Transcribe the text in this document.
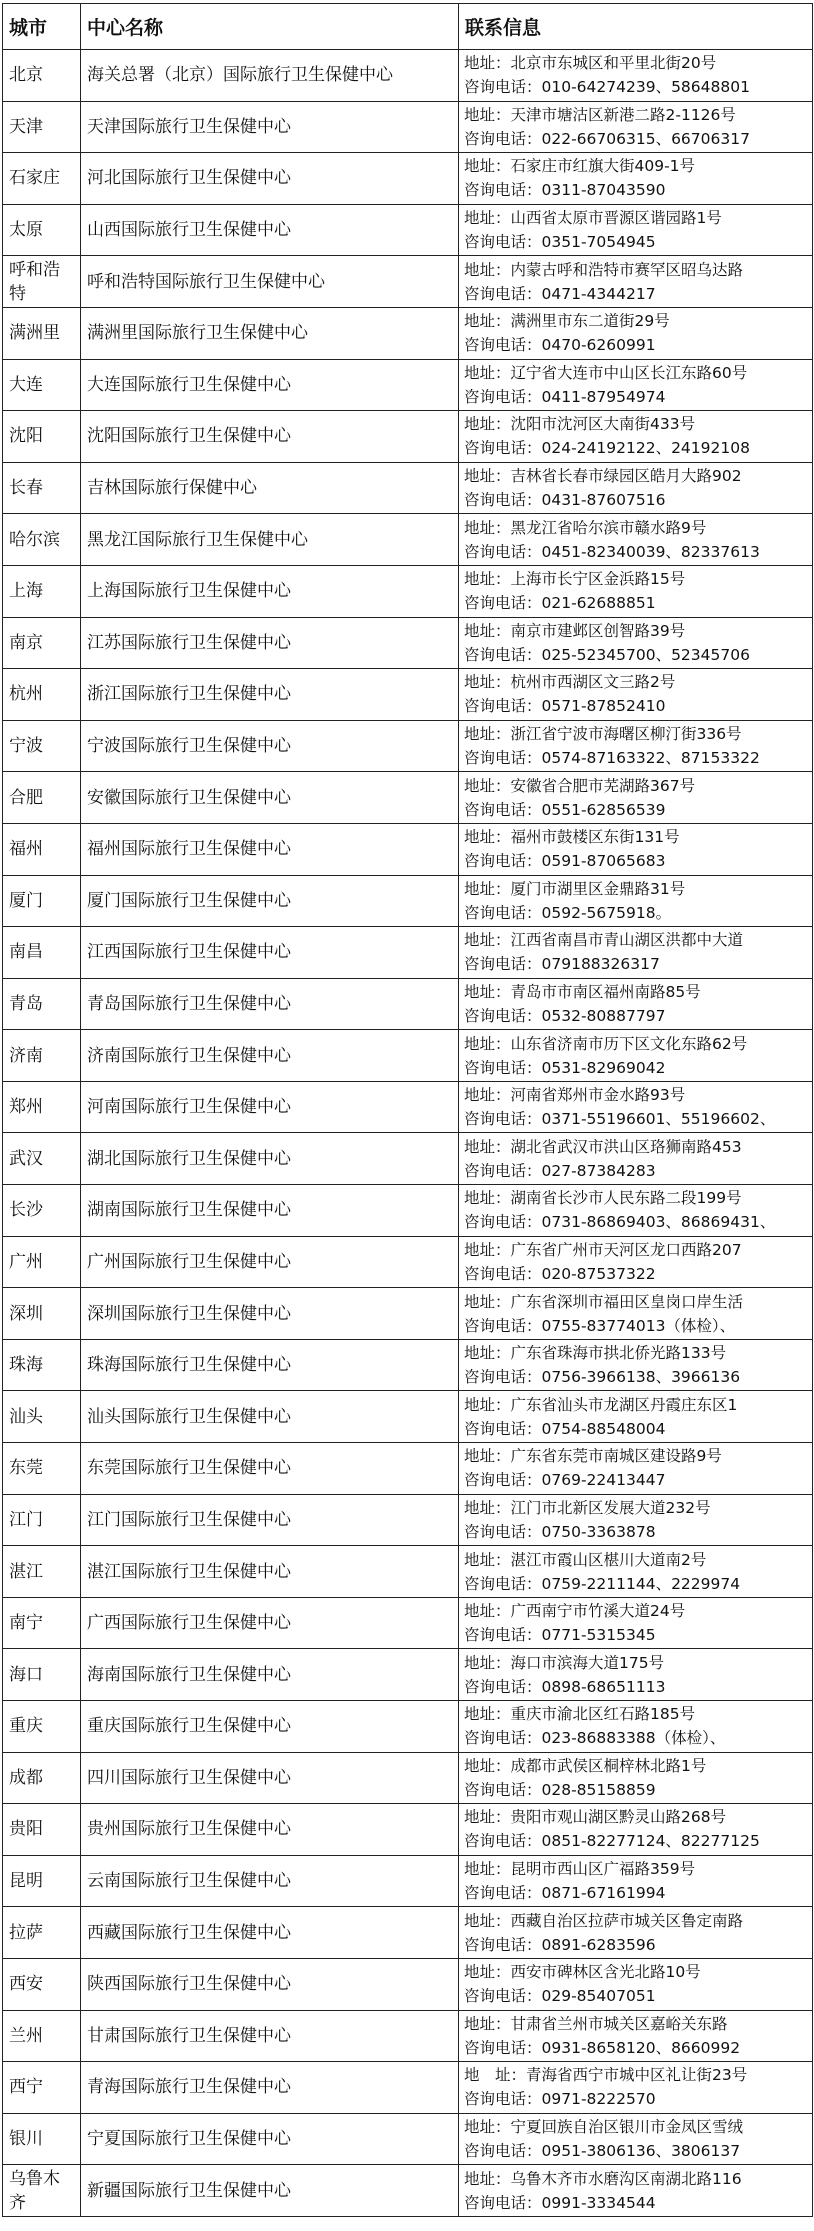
城市	中心名称	联系信息
北京	海关总署（北京）国际旅行卫生保健中心	地址：北京市东城区和平里北街20号
咨询电话：010-64274239、58648801

天津	天津国际旅行卫生保健中心	地址：天津市塘沽区新港二路2-1126号
咨询电话：022-66706315、66706317

石家庄	河北国际旅行卫生保健中心	地址：石家庄市红旗大街409-1号
咨询电话：0311-87043590

太原	山西国际旅行卫生保健中心	地址：山西省太原市晋源区谐园路1号
咨询电话：0351-7054945

呼和浩特	呼和浩特国际旅行卫生保健中心	地址：内蒙古呼和浩特市赛罕区昭乌达路
咨询电话：0471-4344217

满洲里	满洲里国际旅行卫生保健中心	地址：满洲里市东二道街29号
咨询电话：0470-6260991

大连	大连国际旅行卫生保健中心	地址：辽宁省大连市中山区长江东路60号
咨询电话：0411-87954974

沈阳	沈阳国际旅行卫生保健中心	地址：沈阳市沈河区大南街433号
咨询电话：024-24192122、24192108

长春	吉林国际旅行保健中心	地址：吉林省长春市绿园区皓月大路902
咨询电话：0431-87607516

哈尔滨	黑龙江国际旅行卫生保健中心	地址：黑龙江省哈尔滨市赣水路9号
咨询电话：0451-82340039、82337613

上海	上海国际旅行卫生保健中心	地址：上海市长宁区金浜路15号
咨询电话：021-62688851

南京	江苏国际旅行卫生保健中心	地址：南京市建邺区创智路39号
咨询电话：025-52345700、52345706

杭州	浙江国际旅行卫生保健中心	地址：杭州市西湖区文三路2号
咨询电话：0571-87852410

宁波	宁波国际旅行卫生保健中心	地址：浙江省宁波市海曙区柳汀街336号
咨询电话：0574-87163322、87153322

合肥	安徽国际旅行卫生保健中心	地址：安徽省合肥市芜湖路367号
咨询电话：0551-62856539

福州	福州国际旅行卫生保健中心	地址：福州市鼓楼区东街131号
咨询电话：0591-87065683

厦门	厦门国际旅行卫生保健中心	地址：厦门市湖里区金鼎路31号
咨询电话：0592-5675918。

南昌	江西国际旅行卫生保健中心	地址：江西省南昌市青山湖区洪都中大道
咨询电话：079188326317

青岛	青岛国际旅行卫生保健中心	地址：青岛市市南区福州南路85号
咨询电话：0532-80887797

济南	济南国际旅行卫生保健中心	地址：山东省济南市历下区文化东路62号
咨询电话：0531-82969042

郑州	河南国际旅行卫生保健中心	地址：河南省郑州市金水路93号
咨询电话：0371-55196601、55196602、

武汉	湖北国际旅行卫生保健中心	地址：湖北省武汉市洪山区珞狮南路453
咨询电话：027-87384283

长沙	湖南国际旅行卫生保健中心	地址：湖南省长沙市人民东路二段199号
咨询电话：0731-86869403、86869431、

广州	广州国际旅行卫生保健中心	地址：广东省广州市天河区龙口西路207
咨询电话：020-87537322

深圳	深圳国际旅行卫生保健中心	地址：广东省深圳市福田区皇岗口岸生活
咨询电话：0755-83774013（体检）、

珠海	珠海国际旅行卫生保健中心	地址：广东省珠海市拱北侨光路133号
咨询电话：0756-3966138、3966136

汕头	汕头国际旅行卫生保健中心	地址：广东省汕头市龙湖区丹霞庄东区1
咨询电话：0754-88548004

东莞	东莞国际旅行卫生保健中心	地址：广东省东莞市南城区建设路9号
咨询电话：0769-22413447

江门	江门国际旅行卫生保健中心	地址：江门市北新区发展大道232号
咨询电话：0750-3363878

湛江	湛江国际旅行卫生保健中心	地址：湛江市霞山区椹川大道南2号
咨询电话：0759-2211144、2229974

南宁	广西国际旅行卫生保健中心	地址：广西南宁市竹溪大道24号
咨询电话：0771-5315345

海口	海南国际旅行卫生保健中心	地址：海口市滨海大道175号
咨询电话：0898-68651113

重庆	重庆国际旅行卫生保健中心	地址：重庆市渝北区红石路185号
咨询电话：023-86883388（体检）、

成都	四川国际旅行卫生保健中心	地址：成都市武侯区桐梓林北路1号
咨询电话：028-85158859

贵阳	贵州国际旅行卫生保健中心	地址：贵阳市观山湖区黔灵山路268号
咨询电话：0851-82277124、82277125

昆明	云南国际旅行卫生保健中心	地址：昆明市西山区广福路359号
咨询电话：0871-67161994

拉萨	西藏国际旅行卫生保健中心	地址：西藏自治区拉萨市城关区鲁定南路
咨询电话：0891-6283596

西安	陕西国际旅行卫生保健中心	地址：西安市碑林区含光北路10号
咨询电话：029-85407051

兰州	甘肃国际旅行卫生保健中心	地址：甘肃省兰州市城关区嘉峪关东路
咨询电话：0931-8658120、8660992

西宁	青海国际旅行卫生保健中心	地　址：青海省西宁市城中区礼让街23号
咨询电话：0971-8222570

银川	宁夏国际旅行卫生保健中心	地址：宁夏回族自治区银川市金凤区雪绒
咨询电话：0951-3806136、3806137

乌鲁木齐	新疆国际旅行卫生保健中心	地址：乌鲁木齐市水磨沟区南湖北路116
咨询电话：0991-3334544
